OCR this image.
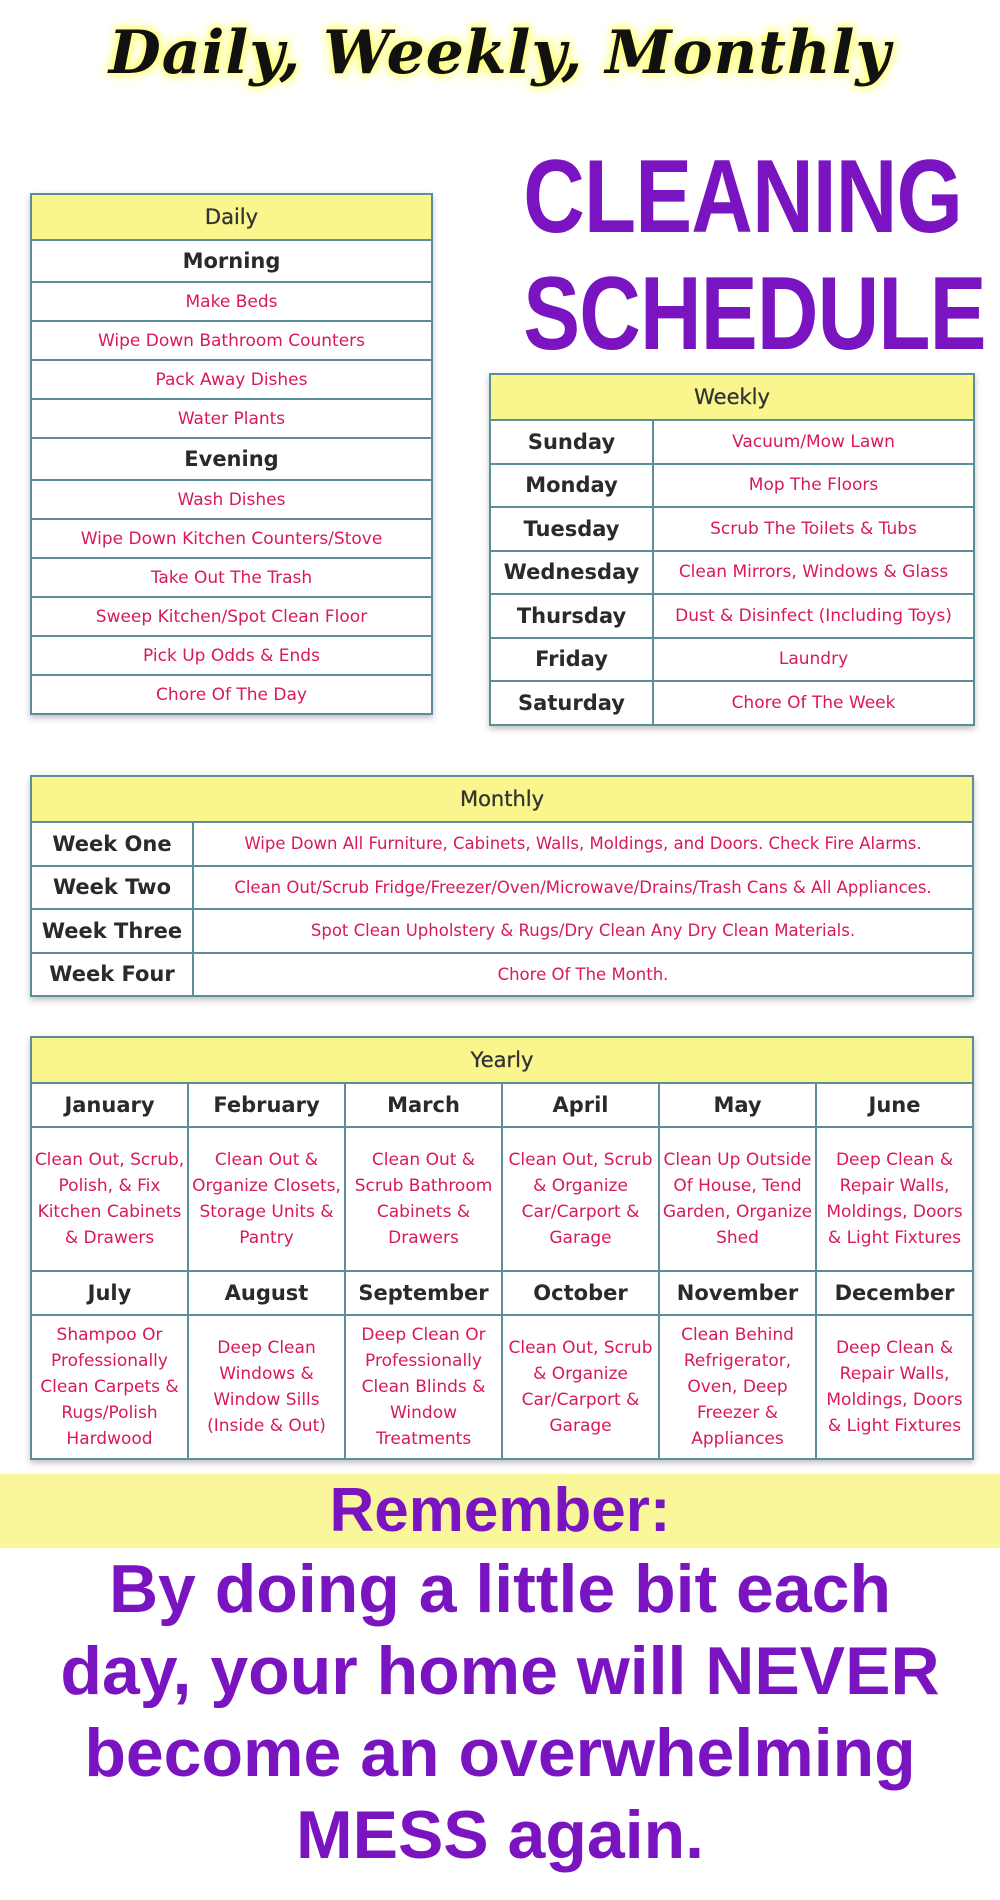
Daily, Weekly, Monthly
CLEANING
SCHEDULE
Daily
Morning
Make Beds
Wipe Down Bathroom Counters
Pack Away Dishes
Water Plants
Evening
Wash Dishes
Wipe Down Kitchen Counters/Stove
Take Out The Trash
Sweep Kitchen/Spot Clean Floor
Pick Up Odds & Ends
Chore Of The Day
Weekly	
Sunday	Vacuum/Mow Lawn
Monday	Mop The Floors
Tuesday	Scrub The Toilets & Tubs
Wednesday	Clean Mirrors, Windows & Glass
Thursday	Dust & Disinfect (Including Toys)
Friday	Laundry
Saturday	Chore Of The Week
Monthly	
Week One	Wipe Down All Furniture, Cabinets, Walls, Moldings, and Doors. Check Fire Alarms.
Week Two	Clean Out/Scrub Fridge/Freezer/Oven/Microwave/Drains/Trash Cans & All Appliances.
Week Three	Spot Clean Upholstery & Rugs/Dry Clean Any Dry Clean Materials.
Week Four	Chore Of The Month.
Yearly					
January	February	March	April	May	June
Clean Out, Scrub, Polish, & Fix Kitchen Cabinets & Drawers	Clean Out & Organize Closets, Storage Units & Pantry	Clean Out & Scrub Bathroom Cabinets & Drawers	Clean Out, Scrub & Organize Car/Carport & Garage	Clean Up Outside Of House, Tend Garden, Organize Shed	Deep Clean & Repair Walls, Moldings, Doors & Light Fixtures
July	August	September	October	November	December
Shampoo Or Professionally Clean Carpets & Rugs/Polish Hardwood	Deep Clean Windows & Window Sills (Inside & Out)	Deep Clean Or Professionally Clean Blinds & Window Treatments	Clean Out, Scrub & Organize Car/Carport & Garage	Clean Behind Refrigerator, Oven, Deep Freezer & Appliances	Deep Clean & Repair Walls, Moldings, Doors & Light Fixtures
Remember:
By doing a little bit each day, your home will NEVER become an overwhelming MESS again.
